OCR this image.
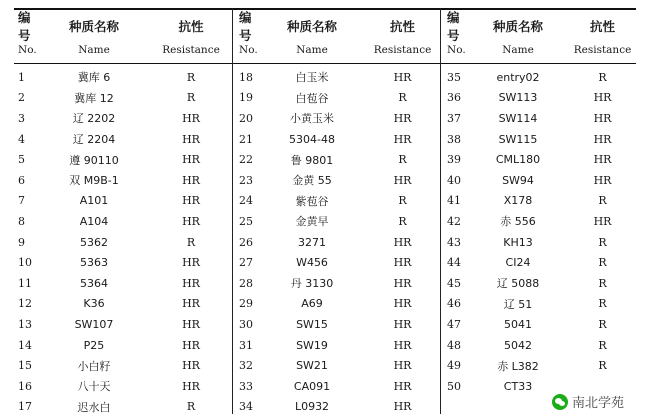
编号
种质名称	抗性
No.	Name	Resistance
1	冀库 6	R
2	冀库 12	R
3	辽 2202	HR
4	辽 2204	HR
5	遵 90110	HR
6	双 M9B-1	HR
7	A101	HR
8	A104	HR
9	5362	R
10	5363	HR
11	5364	HR
12	K36	HR
13	SW107	HR
14	P25	HR
15	小白籽	HR
16	八十天	HR
17	迟水白	R
编号
种质名称	抗性
No.	Name	Resistance
18	白玉米	HR
19	白苞谷	R
20	小黄玉米	HR
21	5304-48	HR
22	鲁 9801	R
23	金黄 55	HR
24	紫苞谷	R
25	金黄早	R
26	3271	HR
27	W456	HR
28	丹 3130	HR
29	A69	HR
30	SW15	HR
31	SW19	HR
32	SW21	HR
33	CA091	HR
34	L0932	HR
编号
种质名称	抗性
No.	Name	Resistance
35	entry02	R
36	SW113	HR
37	SW114	HR
38	SW115	HR
39	CML180	HR
40	SW94	HR
41	X178	R
42	赤 556	HR
43	KH13	R
44	CI24	R
45	辽 5088	R
46	辽 51	R
47	5041	R
48	5042	R
49	赤 L382	R
50	CT33
南北学苑
